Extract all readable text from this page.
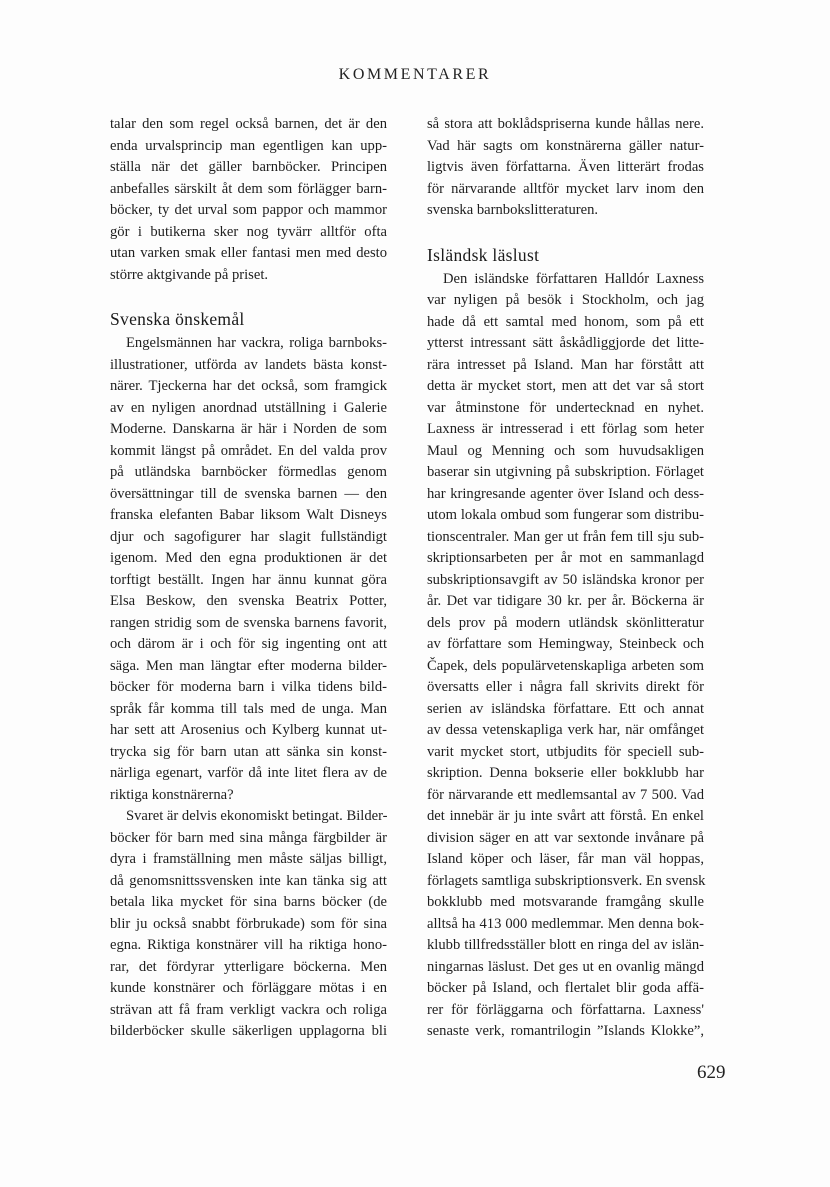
KOMMENTARER
talar den som regel också barnen, det är den
enda urvalsprincip man egentligen kan upp-
ställa när det gäller barnböcker. Principen
anbefalles särskilt åt dem som förlägger barn-
böcker, ty det urval som pappor och mammor
gör i butikerna sker nog tyvärr alltför ofta
utan varken smak eller fantasi men med desto
större aktgivande på priset.
Svenska önskemål
Engelsmännen har vackra, roliga barnboks-
illustrationer, utförda av landets bästa konst-
närer. Tjeckerna har det också, som framgick
av en nyligen anordnad utställning i Galerie
Moderne. Danskarna är här i Norden de som
kommit längst på området. En del valda prov
på utländska barnböcker förmedlas genom
översättningar till de svenska barnen — den
franska elefanten Babar liksom Walt Disneys
djur och sagofigurer har slagit fullständigt
igenom. Med den egna produktionen är det
torftigt beställt. Ingen har ännu kunnat göra
Elsa Beskow, den svenska Beatrix Potter,
rangen stridig som de svenska barnens favorit,
och därom är i och för sig ingenting ont att
säga. Men man längtar efter moderna bilder-
böcker för moderna barn i vilka tidens bild-
språk får komma till tals med de unga. Man
har sett att Arosenius och Kylberg kunnat ut-
trycka sig för barn utan att sänka sin konst-
närliga egenart, varför då inte litet flera av de
riktiga konstnärerna?
Svaret är delvis ekonomiskt betingat. Bilder-
böcker för barn med sina många färgbilder är
dyra i framställning men måste säljas billigt,
då genomsnittssvensken inte kan tänka sig att
betala lika mycket för sina barns böcker (de
blir ju också snabbt förbrukade) som för sina
egna. Riktiga konstnärer vill ha riktiga hono-
rar, det fördyrar ytterligare böckerna. Men
kunde konstnärer och förläggare mötas i en
strävan att få fram verkligt vackra och roliga
bilderböcker skulle säkerligen upplagorna bli
så stora att boklådspriserna kunde hållas nere.
Vad här sagts om konstnärerna gäller natur-
ligtvis även författarna. Även litterärt frodas
för närvarande alltför mycket larv inom den
svenska barnbokslitteraturen.
Isländsk läslust
Den isländske författaren Halldór Laxness
var nyligen på besök i Stockholm, och jag
hade då ett samtal med honom, som på ett
ytterst intressant sätt åskådliggjorde det litte-
rära intresset på Island. Man har förstått att
detta är mycket stort, men att det var så stort
var åtminstone för undertecknad en nyhet.
Laxness är intresserad i ett förlag som heter
Maul og Menning och som huvudsakligen
baserar sin utgivning på subskription. Förlaget
har kringresande agenter över Island och dess-
utom lokala ombud som fungerar som distribu-
tionscentraler. Man ger ut från fem till sju sub-
skriptionsarbeten per år mot en sammanlagd
subskriptionsavgift av 50 isländska kronor per
år. Det var tidigare 30 kr. per år. Böckerna är
dels prov på modern utländsk skönlitteratur
av författare som Hemingway, Steinbeck och
Čapek, dels populärvetenskapliga arbeten som
översatts eller i några fall skrivits direkt för
serien av isländska författare. Ett och annat
av dessa vetenskapliga verk har, när omfånget
varit mycket stort, utbjudits för speciell sub-
skription. Denna bokserie eller bokklubb har
för närvarande ett medlemsantal av 7 500. Vad
det innebär är ju inte svårt att förstå. En enkel
division säger en att var sextonde invånare på
Island köper och läser, får man väl hoppas,
förlagets samtliga subskriptionsverk. En svensk
bokklubb med motsvarande framgång skulle
alltså ha 413 000 medlemmar. Men denna bok-
klubb tillfredsställer blott en ringa del av islän-
ningarnas läslust. Det ges ut en ovanlig mängd
böcker på Island, och flertalet blir goda affä-
rer för förläggarna och författarna. Laxness'
senaste verk, romantrilogin ”Islands Klokke”,
629
